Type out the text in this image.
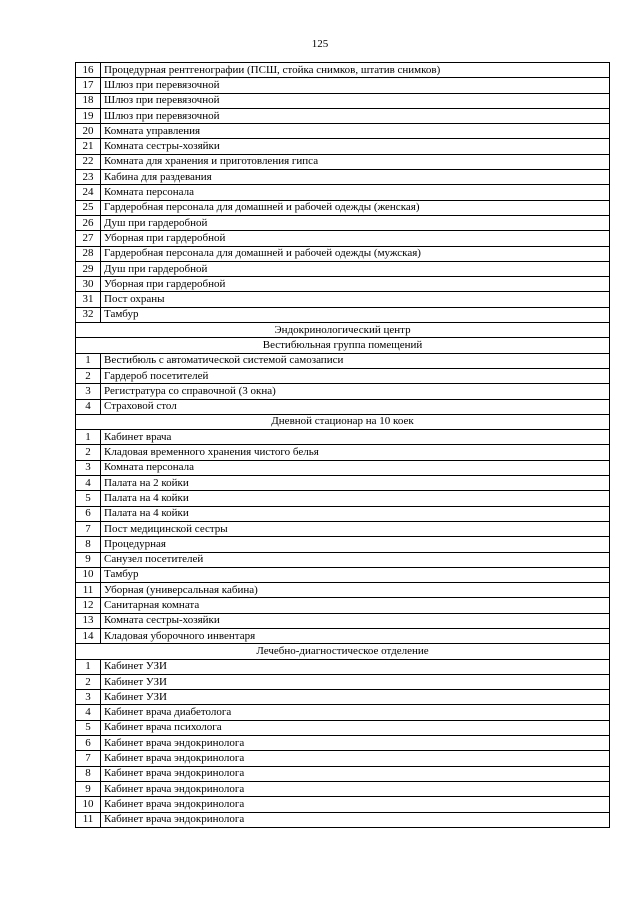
125
16	Процедурная рентгенографии (ПСШ, стойка снимков, штатив снимков)
17	Шлюз при перевязочной
18	Шлюз при перевязочной
19	Шлюз при перевязочной
20	Комната управления
21	Комната сестры-хозяйки
22	Комната для хранения и приготовления гипса
23	Кабина для раздевания
24	Комната персонала
25	Гардеробная персонала для домашней и рабочей одежды (женская)
26	Душ при гардеробной
27	Уборная при гардеробной
28	Гардеробная персонала для домашней и рабочей одежды (мужская)
29	Душ при гардеробной
30	Уборная при гардеробной
31	Пост охраны
32	Тамбур
Эндокринологический центр	
Вестибюльная группа помещений	
1	Вестибюль с автоматической системой самозаписи
2	Гардероб посетителей
3	Регистратура со справочной (3 окна)
4	Страховой стол
Дневной стационар на 10 коек	
1	Кабинет врача
2	Кладовая временного хранения чистого белья
3	Комната персонала
4	Палата на 2 койки
5	Палата на 4 койки
6	Палата на 4 койки
7	Пост медицинской сестры
8	Процедурная
9	Санузел посетителей
10	Тамбур
11	Уборная (универсальная кабина)
12	Санитарная комната
13	Комната сестры-хозяйки
14	Кладовая уборочного инвентаря
Лечебно-диагностическое отделение	
1	Кабинет УЗИ
2	Кабинет УЗИ
3	Кабинет УЗИ
4	Кабинет врача диабетолога
5	Кабинет врача психолога
6	Кабинет врача эндокринолога
7	Кабинет врача эндокринолога
8	Кабинет врача эндокринолога
9	Кабинет врача эндокринолога
10	Кабинет врача эндокринолога
11	Кабинет врача эндокринолога
